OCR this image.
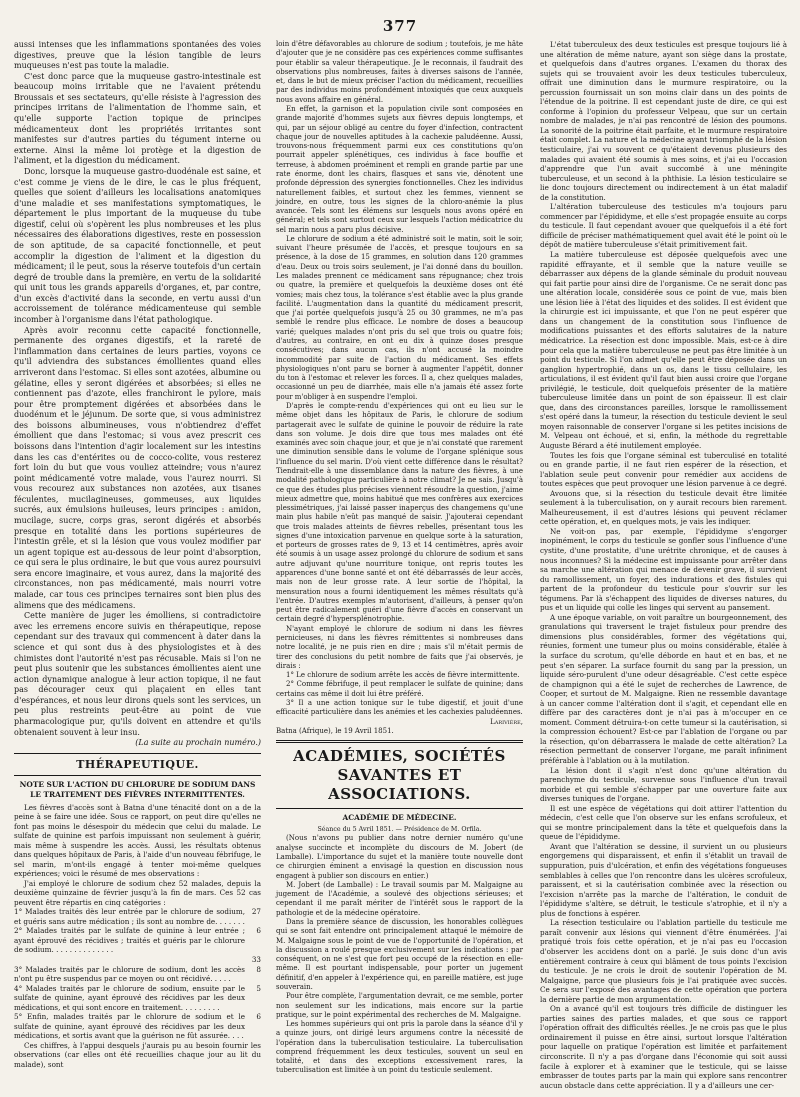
377

aussi intenses que les inflammations spontanées des voies digestives, preuve que la lésion tangible de leurs muqueuses n'est pas toute la maladie.

C'est donc parce que la muqueuse gastro-intestinale est beaucoup moins irritable que ne l'avaient prétendu Broussais et ses sectateurs, qu'elle résiste à l'agression des principes irritans de l'alimentation de l'homme sain, et qu'elle supporte l'action topique de principes médicamenteux dont les propriétés irritantes sont manifestes sur d'autres parties du tégument interne ou externe. Ainsi la même loi protège et la digestion de l'aliment, et la digestion du médicament.

Donc, lorsque la muqueuse gastro-duodénale est saine, et c'est comme je viens de le dire, le cas le plus fréquent, quelles que soient d'ailleurs les localisations anatomiques d'une maladie et ses manifestations symptomatiques, le département le plus important de la muqueuse du tube digestif, celui où s'opèrent les plus nombreuses et les plus nécessaires des élaborations digestives, reste en possession de son aptitude, de sa capacité fonctionnelle, et peut accomplir la digestion de l'aliment et la digestion du médicament; il le peut, sous la réserve toutefois d'un certain degré de trouble dans la première, en vertu de la solidarité qui unit tous les grands appareils d'organes, et, par contre, d'un excès d'activité dans la seconde, en vertu aussi d'un accroissement de tolérance médicamenteuse qui semble incomber à l'organisme dans l'état pathologique.

Après avoir reconnu cette capacité fonctionnelle, permanente des organes digestifs, et la rareté de l'inflammation dans certaines de leurs parties, voyons ce qu'il adviendra des substances émollientes quand elles arriveront dans l'estomac. Si elles sont azotées, albumine ou gélatine, elles y seront digérées et absorbées; si elles ne contiennent pas d'azote, elles franchiront le pylore, mais pour être promptement digérées et absorbées dans le duodénum et le jéjunum. De sorte que, si vous administrez des boissons albumineuses, vous n'obtiendrez d'effet émollient que dans l'estomac; si vous avez prescrit ces boissons dans l'intention d'agir localement sur les intestins dans les cas d'entérites ou de cocco-colite, vous resterez fort loin du but que vous vouliez atteindre; vous n'aurez point médicamenté votre malade, vous l'aurez nourri. Si vous recourez aux substances non azotées, aux tisanes féculentes, mucilagineuses, gommeuses, aux liquides sucrés, aux émulsions huileuses, leurs principes : amidon, mucilage, sucre, corps gras, seront digérés et absorbés presque en totalité dans les portions supérieures de l'intestin grêle, et si la lésion que vous voulez modifier par un agent topique est au-dessous de leur point d'absorption, ce qui sera le plus ordinaire, le but que vous aurez poursuivi sera encore imaginaire, et vous aurez, dans la majorité des circonstances, non pas médicamenté, mais nourri votre malade, car tous ces principes ternaires sont bien plus des alimens que des médicamens.

Cette manière de juger les émolliens, si contradictoire avec les erremens encore suivis en thérapeutique, repose cependant sur des travaux qui commencent à dater dans la science et qui sont dus à des physiologistes et à des chimistes dont l'autorité n'est pas récusable. Mais si l'on ne peut plus soutenir que les substances émollientes aient une action dynamique analogue à leur action topique, il ne faut pas décourager ceux qui plaçaient en elles tant d'espérances, et nous leur dirons quels sont les services, un peu plus restreints peut-être au point de vue pharmacologique pur, qu'ils doivent en attendre et qu'ils obtenaient souvent à leur insu.

(La suite au prochain numéro.)

THÉRAPEUTIQUE.
NOTE SUR L'ACTION DU CHLORURE DE SODIUM DANS LE TRAITEMENT DES FIÈVRES INTERMITTENTES.

Les fièvres d'accès sont à Batna d'une ténacité dont on a de la peine à se faire une idée. Sous ce rapport, on peut dire qu'elles ne font pas moins le désespoir du médecin que celui du malade. Le sulfate de quinine est parfois impuissant non seulement à guérir, mais même à suspendre les accès. Aussi, les résultats obtenus dans quelques hôpitaux de Paris, à l'aide d'un nouveau fébrifuge, le sel marin, m'ont-ils engagé à tenter moi-même quelques expériences; voici le résumé de mes observations :

J'ai employé le chlorure de sodium chez 52 malades, depuis la deuxième quinzaine de février jusqu'à la fin de mars. Ces 52 cas peuvent être répartis en cinq catégories :

1° Malades traités dès leur entrée par le chlorure de sodium, et guéris sans autre médication ; ils sont au nombre de. . . . . . .
27
2° Malades traités par le sulfate de quinine à leur entrée ; ayant éprouvé des récidives ; traités et guéris par le chlorure de sodium. . . . . . . . . . . . . .
6
33
3° Malades traités par le chlorure de sodium, dont les accès n'ont pu être suspendus par ce moyen ou ont récidivé. . . . .
8
4° Malades traités par le chlorure de sodium, ensuite par le sulfate de quinine, ayant éprouvé des récidives par les deux médications, et qui sont encore en traitement. . . . . . . . .
5
5° Enfin, malades traités par le chlorure de sodium et le sulfate de quinine, ayant éprouvé des récidives par les deux médications, et sortis avant que la guérison ne fût assurée. . . .
6

Ces chiffres, à l'appui desquels j'aurais pu au besoin fournir les observations (car elles ont été recueillies chaque jour au lit du malade), sont

loin d'être défavorables au chlorure de sodium ; toutefois, je me hâte d'ajouter que je ne considère pas ces expériences comme suffisantes pour établir sa valeur thérapeutique. Je le reconnais, il faudrait des observations plus nombreuses, faites à diverses saisons de l'année, et, dans le but de mieux préciser l'action du médicament, recueillies par des individus moins profondément intoxiqués que ceux auxquels nous avons affaire en général.

En effet, la garnison et la population civile sont composées en grande majorité d'hommes sujets aux fièvres depuis longtemps, et qui, par un séjour obligé au centre du foyer d'infection, contractent chaque jour de nouvelles aptitudes à la cachexie paludéenne. Aussi, trouvons-nous fréquemment parmi eux ces constitutions qu'on pourrait appeler splénétiques, ces individus à face bouffie et terreuse, à abdomen proéminent et rempli en grande partie par une rate énorme, dont les chairs, flasques et sans vie, dénotent une profonde dépression des synergies fonctionnelles. Chez les individus naturellement faibles, et surtout chez les femmes, viennent se joindre, en outre, tous les signes de la chloro-anémie la plus avancée. Tels sont les élémens sur lesquels nous avons opéré en général; et tels sont surtout ceux sur lesquels l'action médicatrice du sel marin nous a paru plus décisive.

Le chlorure de sodium a été administré soit le matin, soit le soir, suivant l'heure présumée de l'accès, et presque toujours en sa présence, à la dose de 15 grammes, en solution dans 120 grammes d'eau. Deux ou trois soirs seulement, je l'ai donné dans du bouillon. Les malades prennent ce médicament sans répugnance; chez trois ou quatre, la première et quelquefois la deuxième doses ont été vomies; mais chez tous, la tolérance s'est établie avec la plus grande facilité. L'augmentation dans la quantité du médicament prescrit, que j'ai portée quelquefois jusqu'à 25 ou 30 grammes, ne m'a pas semblé le rendre plus efficace. Le nombre de doses a beaucoup varié; quelques malades n'ont pris du sel que trois ou quatre fois; d'autres, au contraire, en ont eu dix à quinze doses presque consécutives; dans aucun cas, ils n'ont accusé la moindre incommodité par suite de l'action du médicament. Ses effets physiologiques n'ont paru se borner à augmenter l'appétit, donner du ton à l'estomac et relever les forces. Il a, chez quelques malades, occasionné un peu de diarrhée, mais elle n'a jamais été assez forte pour m'obliger à en suspendre l'emploi.

D'après le compte-rendu d'expériences qui ont eu lieu sur le même objet dans les hôpitaux de Paris, le chlorure de sodium partagerait avec le sulfate de quinine le pouvoir de réduire la rate dans son volume. Je dois dire que tous mes malades ont été examinés avec soin chaque jour, et que je n'ai constaté que rarement une diminution sensible dans le volume de l'organe splénique sous l'influence du sel marin. D'où vient cette différence dans le résultat? Tiendrait-elle à une dissemblance dans la nature des fièvres, à une modalité pathologique particulière à notre climat? Je ne sais. Jusqu'à ce que des études plus précises viennent résoudre la question, j'aime mieux admettre que, moins habitué que mes confrères aux exercices plessimétriques, j'ai laissé passer inaperçus des changemens qu'une main plus habile n'eût pas manqué de saisir. J'ajouterai cependant que trois malades atteints de fièvres rebelles, présentant tous les signes d'une intoxication parvenue en quelque sorte à la saturation, et porteurs de grosses rates de 9, 13 et 14 centimètres, après avoir été soumis à un usage assez prolongé du chlorure de sodium et sans autre adjuvant qu'une nourriture tonique, ont repris toutes les apparences d'une bonne santé et ont été débarrassés de leur accès, mais non de leur grosse rate. A leur sortie de l'hôpital, la mensuration nous a fourni identiquement les mêmes résultats qu'à l'entrée. D'autres exemples m'autorisent, d'ailleurs, à penser qu'on peut être radicalement guéri d'une fièvre d'accès en conservant un certain degré d'hypersplénotrophie.

N'ayant employé le chlorure de sodium ni dans les fièvres pernicieuses, ni dans les fièvres rémittentes si nombreuses dans notre localité, je ne puis rien en dire ; mais s'il m'était permis de tirer des conclusions du petit nombre de faits que j'ai observés, je dirais :

1° Le chlorure de sodium arrête les accès de fièvre intermittente.

2° Comme fébrifuge, il peut remplacer le sulfate de quinine; dans certains cas même il doit lui être préféré.

3° Il a une action tonique sur le tube digestif, et jouit d'une efficacité particulière dans les anémies et les cachexies paludéennes.

Larivière,

Batna (Afrique), le 19 Avril 1851.

ACADÉMIES, SOCIÉTÉS SAVANTES ET ASSOCIATIONS.
ACADÉMIE DE MÉDECINE.
Séance du 5 Avril 1851. — Présidence de M. Orfila.

(Nous n'avons pu publier dans notre dernier numéro qu'une analyse succincte et incomplète du discours de M. Jobert (de Lamballe). L'importance du sujet et la manière toute nouvelle dont ce chirurgien éminent a envisagé la question en discussion nous engagent à publier son discours en entier.)

M. Jobert (de Lamballe) : Le travail soumis par M. Malgaigne au jugement de l'Académie, a soulevé des objections sérieuses; et cependant il me paraît mériter de l'intérêt sous le rapport de la pathologie et de la médecine opératoire.

Dans la première séance de discussion, les honorables collègues qui se sont fait entendre ont principalement attaqué le mémoire de M. Malgaigne sous le point de vue de l'opportunité de l'opération, et la discussion a roulé presque exclusivement sur les indications : par conséquent, on ne s'est que fort peu occupé de la résection en elle-même. Il est pourtant indispensable, pour porter un jugement définitif, d'en appeler à l'expérience qui, en pareille matière, est juge souverain.

Pour être complète, l'argumentation devrait, ce me semble, porter non seulement sur les indications, mais encore sur la partie pratique, sur le point expérimental des recherches de M. Malgaigne.

Les hommes supérieurs qui ont pris la parole dans la séance d'il y a quinze jours, ont dirigé leurs argumens contre la nécessité de l'opération dans la tuberculisation testiculaire. La tuberculisation comprend fréquemment les deux testicules, souvent un seul en totalité, et dans des exceptions excessivement rares, la tuberculisation est limitée à un point du testicule seulement.

L'état tuberculeux des deux testicules est presque toujours lié à une altération de même nature, ayant son siège dans la prostate, et quelquefois dans d'autres organes. L'examen du thorax des sujets qui se trouvaient avoir les deux testicules tuberculeux, offrait une diminution dans le murmure respiratoire, ou la percussion fournissait un son moins clair dans un des points de l'étendue de la poitrine. Il est cependant juste de dire, ce qui est conforme à l'opinion du professeur Velpeau, que sur un certain nombre de malades, je n'ai pas rencontré de lésion des poumons. La sonorité de la poitrine était parfaite, et le murmure respiratoire était complet. La nature et la médecine ayant triomphé de la lésion testiculaire, j'ai vu souvent ce qu'étaient devenus plusieurs des malades qui avaient été soumis à mes soins, et j'ai eu l'occasion d'apprendre que l'un avait succombé à une méningite tuberculeuse, et un second à la phthisie. La lésion testiculaire se lie donc toujours directement ou indirectement à un état maladif de la constitution.

L'altération tuberculeuse des testicules m'a toujours paru commencer par l'épididyme, et elle s'est propagée ensuite au corps du testicule. Il faut cependant avouer que quelquefois il a été fort difficile de préciser mathématiquement quel avait été le point où le dépôt de matière tuberculeuse s'était primitivement fait.

La matière tuberculeuse est déposée quelquefois avec une rapidité effrayante, et il semble que la nature veuille se débarrasser aux dépens de la glande séminale du produit nouveau qui fait partie pour ainsi dire de l'organisme. Ce ne serait donc pas une altération locale, considérée sous ce point de vue, mais bien une lésion liée à l'état des liquides et des solides. Il est évident que la chirurgie est ici impuissante, et que l'on ne peut espérer que dans un changement de la constitution sous l'influence de modifications puissantes et des efforts salutaires de la nature médicatrice. La résection est donc impossible. Mais, est-ce à dire pour cela que la matière tuberculeuse ne peut pas être limitée à un point du testicule. Si l'on admet qu'elle peut être déposée dans un ganglion hypertrophié, dans un os, dans le tissu cellulaire, les articulations, il est évident qu'il faut bien aussi croire que l'organe privilégié, le testicule, doit quelquefois présenter de la matière tuberculeuse limitée dans un point de son épaisseur. Il est clair que, dans des circonstances pareilles, lorsque le ramollissement s'est opéré dans la tumeur, la résection du testicule devient le seul moyen raisonnable de conserver l'organe si les petites incisions de M. Velpeau ont échoué, et si, enfin, la méthode du regrettable Auguste Bérard a été inutilement employée.

Toutes les fois que l'organe séminal est tuberculisé en totalité ou en grande partie, il ne faut rien espérer de la résection, et l'ablation seule peut convenir pour remédier aux accidens de toutes espèces que peut provoquer une lésion parvenue à ce degré.

Avouons que, si la résection du testicule devait être limitée seulement à la tuberculisation, on y aurait recours bien rarement. Malheureusement, il est d'autres lésions qui peuvent réclamer cette opération, et, en quelques mots, je vais les indiquer.

Ne voit-on pas, par exemple, l'épididyme s'engorger inopinément, le corps du testicule se gonfler sous l'influence d'une cystite, d'une prostatite, d'une urétrite chronique, et de causes à nous inconnues? Si la médecine est impuissante pour arrêter dans sa marche une altération qui menace de devenir grave, il survient du ramollissement, un foyer, des indurations et des fistules qui partent de la profondeur du testicule pour s'ouvrir sur les tégumens. Par là s'échappent des liquides de diverses natures, du pus et un liquide qui colle les linges qui servent au pansement.

A une époque variable, on voit paraître un bourgeonnement, des granulations qui traversent le trajet fistuleux pour prendre des dimensions plus considérables, former des végétations qui, réunies, forment une tumeur plus ou moins considérable, étalée à la surface du scrotum, qu'elle déborde en haut et en bas, et ne peut s'en séparer. La surface fournit du sang par la pression, un liquide séro-purulent d'une odeur désagréable. C'est cette espèce de champignon qui a été le sujet de recherches de Lawrence, de Cooper, et surtout de M. Malgaigne. Rien ne ressemble davantage à un cancer comme l'altération dont il s'agit, et cependant elle en diffère par des caractères dont je n'ai pas à m'occuper en ce moment. Comment détruira-t-on cette tumeur si la cautérisation, si la compression échouent? Est-ce par l'ablation de l'organe ou par la résection, qu'on débarrassera le malade de cette altération? La résection permettant de conserver l'organe, me paraît infiniment préférable à l'ablation ou à la mutilation.

La lésion dont il s'agit n'est donc qu'une altération du parenchyme du testicule, survenue sous l'influence d'un travail morbide et qui semble s'échapper par une ouverture faite aux diverses tuniques de l'organe.

Il est une espèce de végétations qui doit attirer l'attention du médecin, c'est celle que l'on observe sur les enfans scrofuleux, et qui se montre principalement dans la tête et quelquefois dans la queue de l'épididyme.

Avant que l'altération se dessine, il survient un ou plusieurs engorgemens qui disparaissent, et enfin il s'établit un travail de suppuration, puis d'ulcération, et enfin des végétations fongueuses semblables à celles que l'on rencontre dans les ulcères scrofuleux, paraissent, et si la cautérisation combinée avec la résection ou l'excision n'arrête pas la marche de l'altération, le conduit de l'épididyme s'altère, se détruit, le testicule s'atrophie, et il n'y a plus de fonctions à espérer.

La résection testiculaire ou l'ablation partielle du testicule me paraît convenir aux lésions qui viennent d'être énumérées. J'ai pratiqué trois fois cette opération, et je n'ai pas eu l'occasion d'observer les accidens dont on a parlé. Je suis donc d'un avis entièrement contraire à ceux qui blâment de tous points l'excision du testicule. Je ne crois le droit de soutenir l'opération de M. Malgaigne, parce que plusieurs fois je l'ai pratiquée avec succès. Ce sera sur l'exposé des avantages de cette opération que portera la dernière partie de mon argumentation.

On a avancé qu'il est toujours très difficile de distinguer les parties saines des parties malades, et que sous ce rapport l'opération offrait des difficultés réelles. Je ne crois pas que le plus ordinairement il puisse en être ainsi, surtout lorsque l'altération pour laquelle on pratique l'opération est limitée et parfaitement circonscrite. Il n'y a pas d'organe dans l'économie qui soit aussi facile à explorer et à examiner que le testicule, qui se laisse embrasser de toutes parts par la main qui explore sans rencontrer aucun obstacle dans cette appréciation. Il y a d'ailleurs une cer-
